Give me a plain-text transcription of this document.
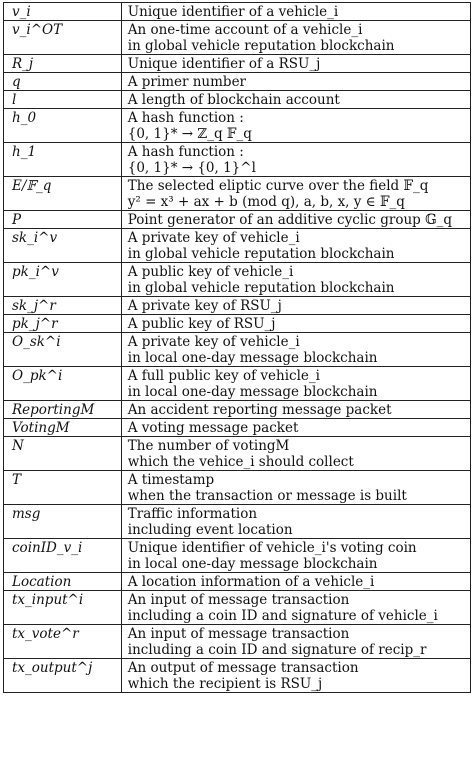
v_i	Unique identifier of a vehicle_i

v_i^OT	An one-time account of a vehicle_i
in global vehicle reputation blockchain

R_j	Unique identifier of a RSU_j

q	A primer number

l	A length of blockchain account

h_0	A hash function :
{0, 1}* → ℤ_q 𝔽_q

h_1	A hash function :
{0, 1}* → {0, 1}^l

E/𝔽_q	The selected eliptic curve over the field 𝔽_q
y² = x³ + ax + b (mod q), a, b, x, y ∈ 𝔽_q

P	Point generator of an additive cyclic group 𝔾_q

sk_i^v	A private key of vehicle_i
in global vehicle reputation blockchain

pk_i^v	A public key of vehicle_i
in global vehicle reputation blockchain

sk_j^r	A private key of RSU_j

pk_j^r	A public key of RSU_j

O_sk^i	A private key of vehicle_i
in local one-day message blockchain

O_pk^i	A full public key of vehicle_i
in local one-day message blockchain

ReportingM	An accident reporting message packet

VotingM	A voting message packet

N	The number of votingM
which the vehice_i should collect

T	A timestamp
when the transaction or message is built

msg	Traffic information
including event location

coinID_v_i	Unique identifier of vehicle_i's voting coin
in local one-day message blockchain

Location	A location information of a vehicle_i

tx_input^i	An input of message transaction
including a coin ID and signature of vehicle_i

tx_vote^r	An input of message transaction
including a coin ID and signature of recip_r

tx_output^j	An output of message transaction
which the recipient is RSU_j
